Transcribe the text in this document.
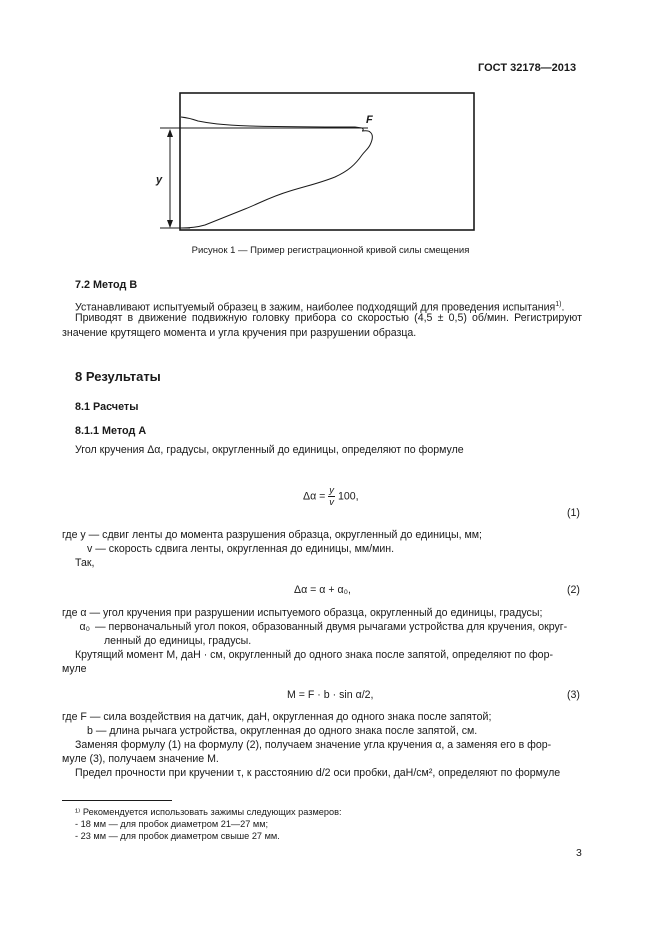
ГОСТ 32178—2013
F
y
Рисунок 1 — Пример регистрационной кривой силы смещения
7.2 Метод В
Устанавливают испытуемый образец в зажим, наиболее подходящий для проведения испытания$^{1)}$.
Приводят в движение подвижную головку прибора со скоростью (4,5 ± 0,5) об/мин. Регистрируют значение крутящего момента и угла кручения при разрушении образца.
8 Результаты
8.1 Расчеты
8.1.1 Метод А
Угол кручения Δα, градусы, округленный до единицы, определяют по формуле
$\Delta\alpha = \frac{y}{v} 100$,
(1)
где y — сдвиг ленты до момента разрушения образца, округленный до единицы, мм;
v — скорость сдвига ленты, округленная до единицы, мм/мин.
Так,
Δα = α + α₀,	(2)
где α — угол кручения при разрушении испытуемого образца, округленный до единицы, градусы;
α₀ — первоначальный угол покоя, образованный двумя рычагами устройства для кручения, округ-
ленный до единицы, градусы.
Крутящий момент M, даН · см, округленный до одного знака после запятой, определяют по фор-
муле
M = F · b · sin α/2,	(3)
где F — сила воздействия на датчик, даН, округленная до одного знака после запятой;
b — длина рычага устройства, округленная до одного знака после запятой, см.
Заменяя формулу (1) на формулу (2), получаем значение угла кручения α, а заменяя его в фор-
муле (3), получаем значение M.
Предел прочности при кручении τ, к расстоянию d/2 оси пробки, даН/см², определяют по формуле
¹⁾ Рекомендуется использовать зажимы следующих размеров:
- 18 мм — для пробок диаметром 21—27 мм;
- 23 мм — для пробок диаметром свыше 27 мм.
3
